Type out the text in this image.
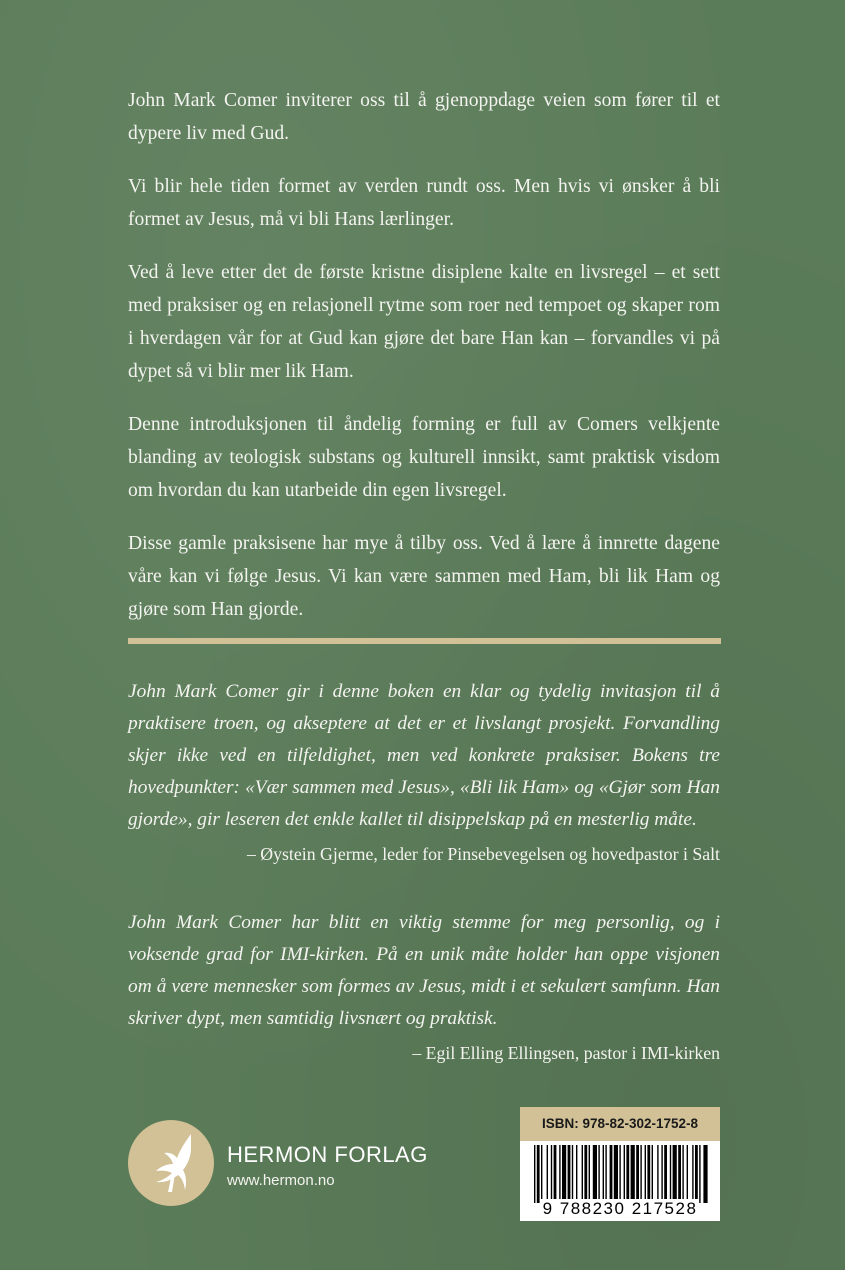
John Mark Comer inviterer oss til å gjenoppdage veien som fører til et dypere liv med Gud.

Vi blir hele tiden formet av verden rundt oss. Men hvis vi ønsker å bli formet av Jesus, må vi bli Hans lærlinger.

Ved å leve etter det de første kristne disiplene kalte en livsregel – et sett med praksiser og en relasjonell rytme som roer ned tempoet og skaper rom i hverdagen vår for at Gud kan gjøre det bare Han kan – forvandles vi på dypet så vi blir mer lik Ham.

Denne introduksjonen til åndelig forming er full av Comers velkjente blanding av teologisk substans og kulturell innsikt, samt praktisk visdom om hvordan du kan utarbeide din egen livsregel.

Disse gamle praksisene har mye å tilby oss. Ved å lære å innrette dagene våre kan vi følge Jesus. Vi kan være sammen med Ham, bli lik Ham og gjøre som Han gjorde.

John Mark Comer gir i denne boken en klar og tydelig invitasjon til å praktisere troen, og akseptere at det er et livslangt prosjekt. Forvandling skjer ikke ved en tilfeldighet, men ved konkrete praksiser. Bokens tre hovedpunkter: «Vær sammen med Jesus», «Bli lik Ham» og «Gjør som Han gjorde», gir leseren det enkle kallet til disippelskap på en mesterlig måte.

– Øystein Gjerme, leder for Pinsebevegelsen og hovedpastor i Salt

John Mark Comer har blitt en viktig stemme for meg personlig, og i voksende grad for IMI-kirken. På en unik måte holder han oppe visjonen om å være mennesker som formes av Jesus, midt i et sekulært samfunn. Han skriver dypt, men samtidig livsnært og praktisk.

– Egil Elling Ellingsen, pastor i IMI-kirken

HERMON FORLAG
www.hermon.no
ISBN: 978-82-302-1752-8
9 788230 217528
